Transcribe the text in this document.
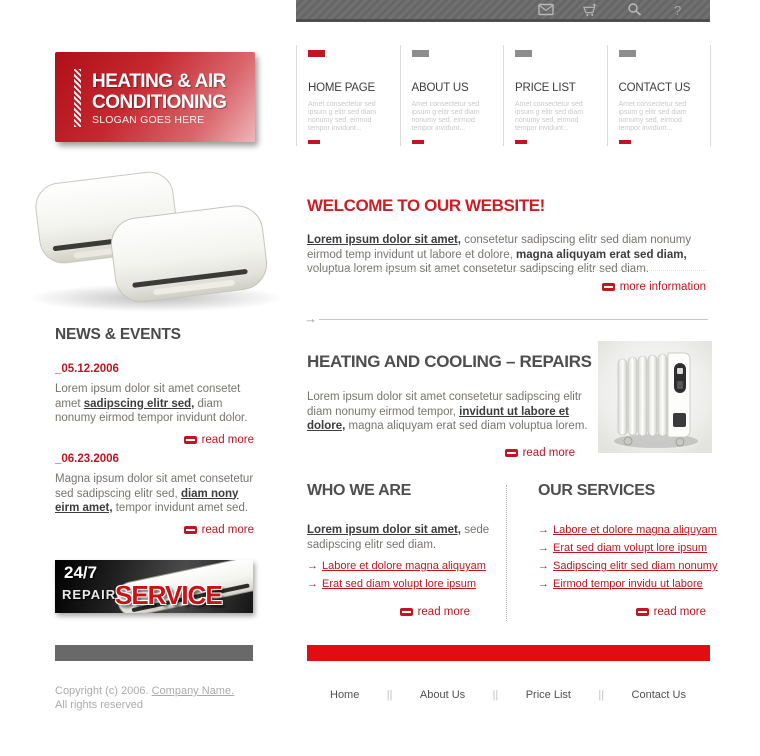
?
HEATING & AIR
CONDITIONING
SLOGAN GOES HERE
HOME PAGE
Amet consectetur sed ipsum g elitr sed diam nonumy sed, eirmod tempor invidunt...
ABOUT US
Amet consectetur sed ipsum g elitr sed diam nonumy sed, eirmod tempor invidunt...
PRICE LIST
Amet consectetur sed ipsum g elitr sed diam nonumy sed, eirmod tempor invidunt...
CONTACT US
Amet consectetur sed ipsum g elitr sed diam nonumy sed, eirmod tempor invidunt...
NEWS & EVENTS
_05.12.2006
Lorem ipsum dolor sit amet consetet amet sadipscing elitr sed, diam nonumy eirmod tempor invidunt dolor.
read more
_06.23.2006
Magna ipsum dolor sit amet consetetur sed sadipscing elitr sed, diam nony eirm amet, tempor invidunt amet sed.
read more
24/7
REPAIR
SERVICE
WELCOME TO OUR WEBSITE!

Lorem ipsum dolor sit amet, consetetur sadipscing elitr sed diam nonumy eirmod temp invidunt ut labore et dolore, magna aliquyam erat sed diam, voluptua lorem ipsum sit amet consetetur sadipscing elitr sed diam.

more information
→
HEATING AND COOLING – REPAIRS

Lorem ipsum dolor sit amet consetetur sadipscing elitr diam nonumy eirmod tempor, invidunt ut labore et dolore, magna aliquyam erat sed diam voluptua lorem.

read more
WHO WE ARE	OUR SERVICES

Lorem ipsum dolor sit amet, sede sadipscing elitr sed diam.

→ Labore et dolore magna aliquyam
→ Erat sed diam volupt lore ipsum
read more
→ Labore et dolore magna aliquyam
→ Erat sed diam volupt lore ipsum
→ Sadipscing elitr sed diam nonumy
→ Eirmod tempor invidu ut labore
read more
Copyright (c) 2006. Company Name.
All rights reserved
Home || About Us || Price List || Contact Us
